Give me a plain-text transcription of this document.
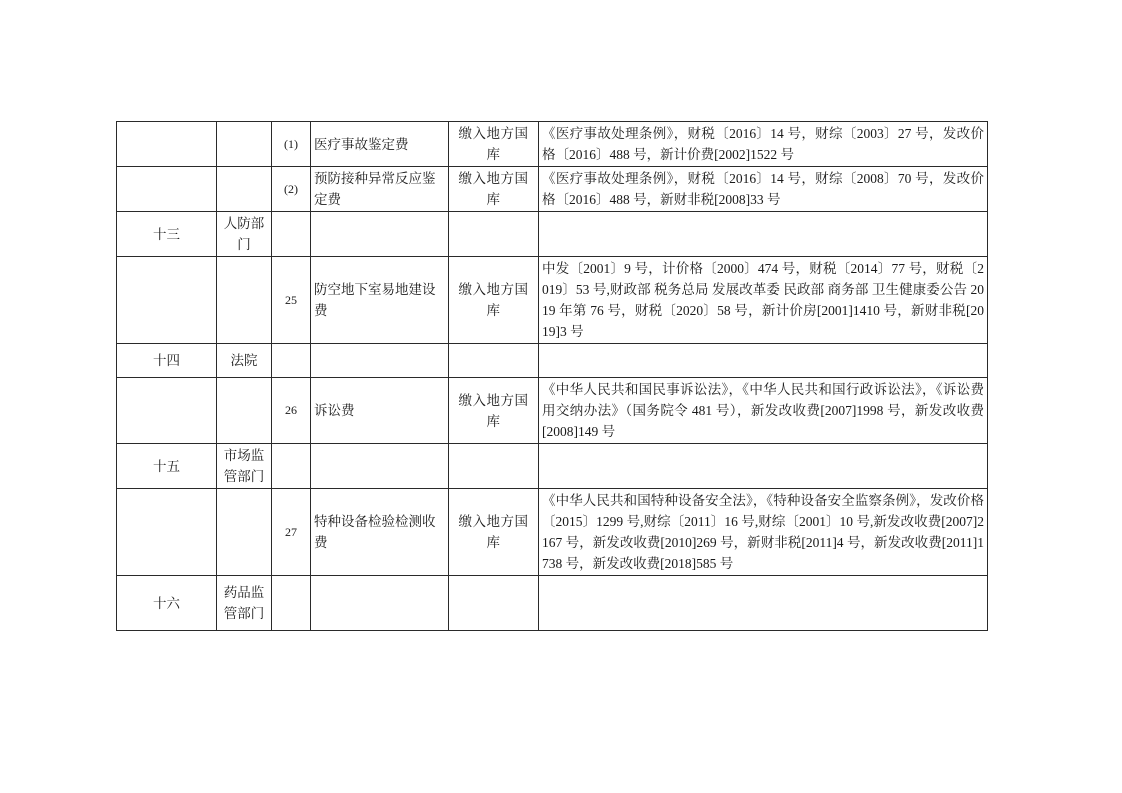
		(1)	医疗事故鉴定费	缴入地方国库	《医疗事故处理条例》，财税〔2016〕14 号，财综〔2003〕27 号，发改价格〔2016〕488 号，新计价费[2002]1522 号
		(2)	预防接种异常反应鉴定费	缴入地方国库	《医疗事故处理条例》，财税〔2016〕14 号，财综〔2008〕70 号，发改价格〔2016〕488 号，新财非税[2008]33 号
十三	人防部门				
		25	防空地下室易地建设费	缴入地方国库	中发〔2001〕9 号，计价格〔2000〕474 号，财税〔2014〕77 号，财税〔2019〕53 号,财政部 税务总局 发展改革委 民政部 商务部 卫生健康委公告 2019 年第 76 号，财税〔2020〕58 号，新计价房[2001]1410 号，新财非税[2019]3 号
十四	法院				
		26	诉讼费	缴入地方国库	《中华人民共和国民事诉讼法》，《中华人民共和国行政诉讼法》，《诉讼费用交纳办法》（国务院令 481 号），新发改收费[2007]1998 号，新发改收费[2008]149 号
十五	市场监管部门				
		27	特种设备检验检测收费	缴入地方国库	《中华人民共和国特种设备安全法》，《特种设备安全监察条例》，发改价格〔2015〕1299 号,财综〔2011〕16 号,财综〔2001〕10 号,新发改收费[2007]2167 号，新发改收费[2010]269 号，新财非税[2011]4 号，新发改收费[2011]1738 号，新发改收费[2018]585 号
十六	药品监管部门				
